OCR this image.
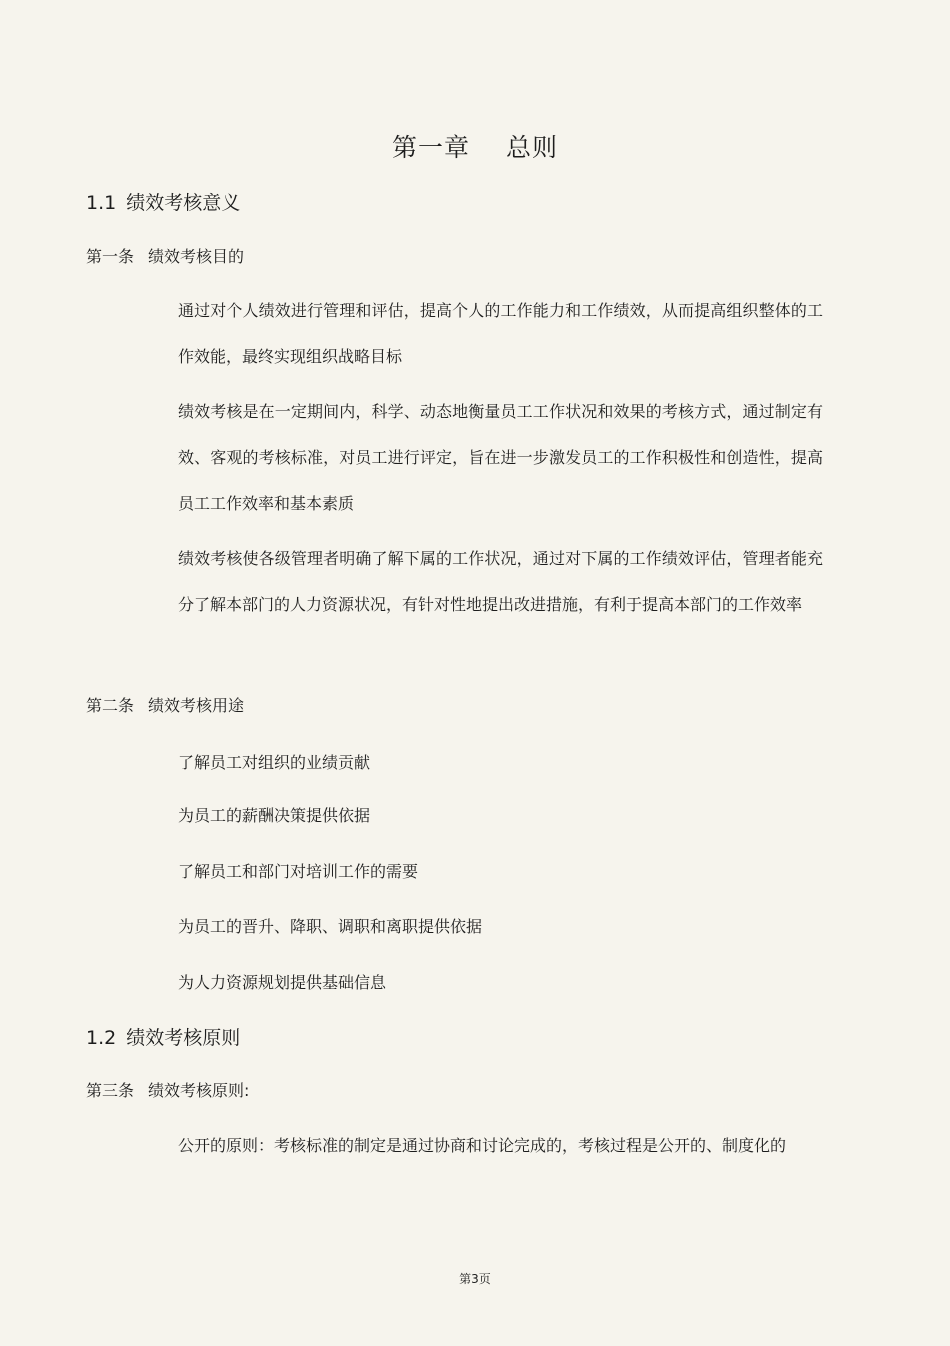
第一章 总则
1.1 绩效考核意义
第一条 绩效考核目的

通过对个人绩效进行管理和评估，提高个人的工作能力和工作绩效，从而提高组织整体的工作效能，最终实现组织战略目标

绩效考核是在一定期间内，科学、动态地衡量员工工作状况和效果的考核方式，通过制定有效、客观的考核标准，对员工进行评定，旨在进一步激发员工的工作积极性和创造性，提高员工工作效率和基本素质

绩效考核使各级管理者明确了解下属的工作状况，通过对下属的工作绩效评估，管理者能充分了解本部门的人力资源状况，有针对性地提出改进措施，有利于提高本部门的工作效率

第二条 绩效考核用途
了解员工对组织的业绩贡献
为员工的薪酬决策提供依据
了解员工和部门对培训工作的需要
为员工的晋升、降职、调职和离职提供依据
为人力资源规划提供基础信息
1.2 绩效考核原则
第三条 绩效考核原则:

公开的原则：考核标准的制定是通过协商和讨论完成的，考核过程是公开的、制度化的

第3页
